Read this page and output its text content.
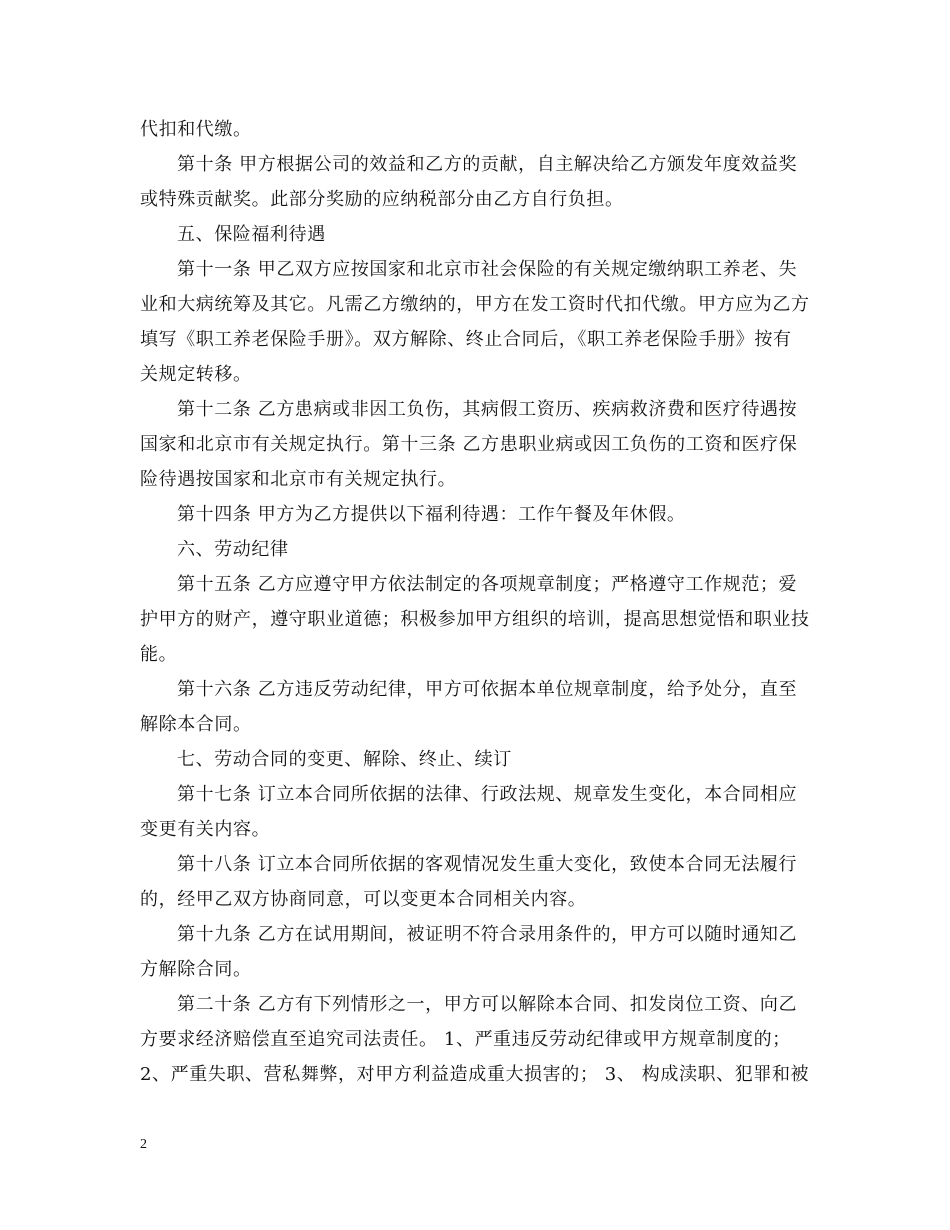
代扣和代缴。
第十条 甲方根据公司的效益和乙方的贡献，自主解决给乙方颁发年度效益奖
或特殊贡献奖。此部分奖励的应纳税部分由乙方自行负担。
五、保险福利待遇
第十一条 甲乙双方应按国家和北京市社会保险的有关规定缴纳职工养老、失
业和大病统筹及其它。凡需乙方缴纳的，甲方在发工资时代扣代缴。甲方应为乙方
填写《职工养老保险手册》。双方解除、终止合同后，《职工养老保险手册》按有
关规定转移。
第十二条 乙方患病或非因工负伤，其病假工资历、疾病救济费和医疗待遇按
国家和北京市有关规定执行。第十三条 乙方患职业病或因工负伤的工资和医疗保
险待遇按国家和北京市有关规定执行。
第十四条 甲方为乙方提供以下福利待遇：工作午餐及年休假。
六、劳动纪律
第十五条 乙方应遵守甲方依法制定的各项规章制度；严格遵守工作规范；爱
护甲方的财产，遵守职业道德；积极参加甲方组织的培训，提高思想觉悟和职业技
能。
第十六条 乙方违反劳动纪律，甲方可依据本单位规章制度，给予处分，直至
解除本合同。
七、劳动合同的变更、解除、终止、续订
第十七条 订立本合同所依据的法律、行政法规、规章发生变化，本合同相应
变更有关内容。
第十八条 订立本合同所依据的客观情况发生重大变化，致使本合同无法履行
的，经甲乙双方协商同意，可以变更本合同相关内容。
第十九条 乙方在试用期间，被证明不符合录用条件的，甲方可以随时通知乙
方解除合同。
第二十条 乙方有下列情形之一，甲方可以解除本合同、扣发岗位工资、向乙
方要求经济赔偿直至追究司法责任。 1、严重违反劳动纪律或甲方规章制度的；
2、严重失职、营私舞弊，对甲方利益造成重大损害的； 3、 构成渎职、犯罪和被
2
